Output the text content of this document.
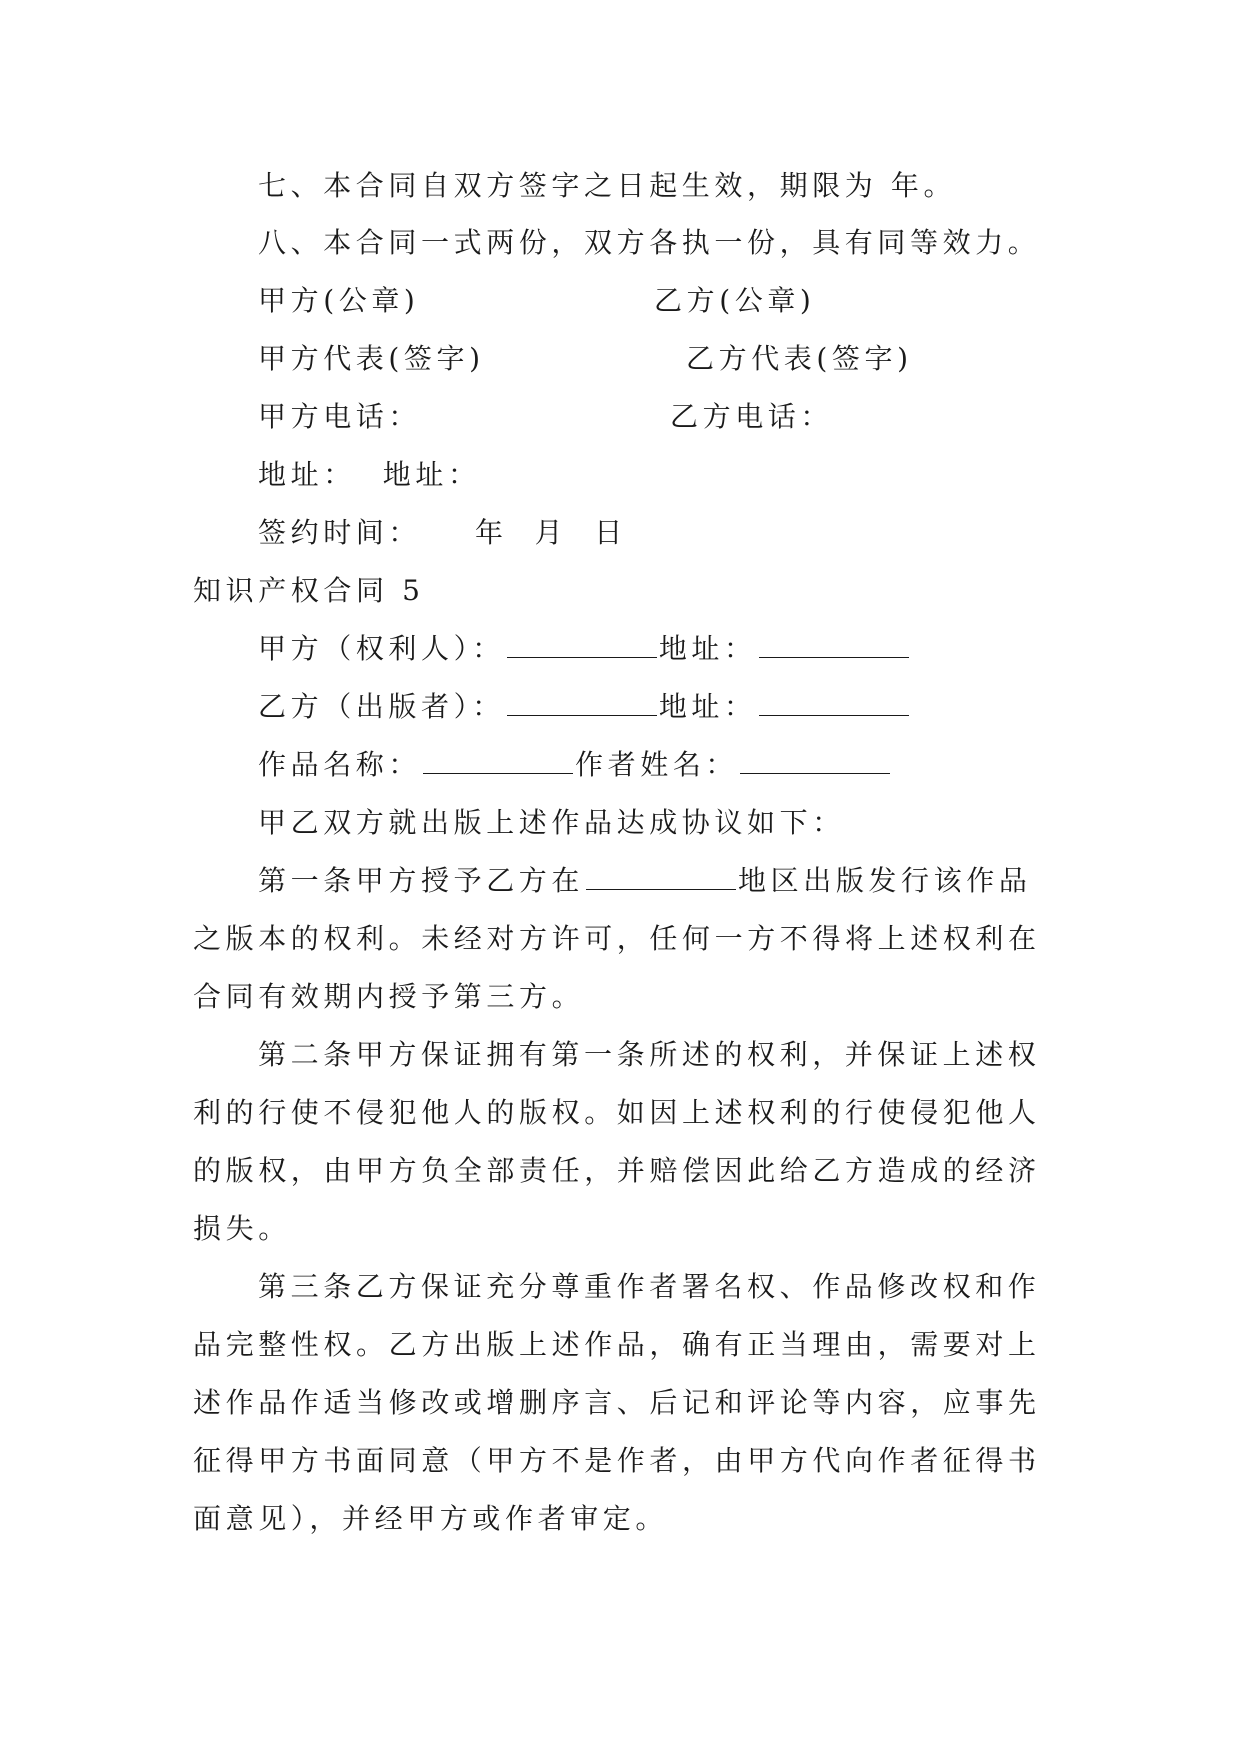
七、本合同自双方签字之日起生效，期限为 年。
八、本合同一式两份，双方各执一份，具有同等效力。
甲方(公章)	乙方(公章)
甲方代表(签字)	乙方代表(签字)
甲方电话：	乙方电话：
地址：  地址：
签约时间：    年  月  日
知识产权合同 5
甲方（权利人）：	地址：
乙方（出版者）：	地址：
作品名称：	作者姓名：
甲乙双方就出版上述作品达成协议如下：
第一条甲方授予乙方在	地区出版发行该作品
之版本的权利。未经对方许可，任何一方不得将上述权利在
合同有效期内授予第三方。
第二条甲方保证拥有第一条所述的权利，并保证上述权
利的行使不侵犯他人的版权。如因上述权利的行使侵犯他人
的版权，由甲方负全部责任，并赔偿因此给乙方造成的经济
损失。
第三条乙方保证充分尊重作者署名权、作品修改权和作
品完整性权。乙方出版上述作品，确有正当理由，需要对上
述作品作适当修改或增删序言、后记和评论等内容，应事先
征得甲方书面同意（甲方不是作者，由甲方代向作者征得书
面意见），并经甲方或作者审定。
